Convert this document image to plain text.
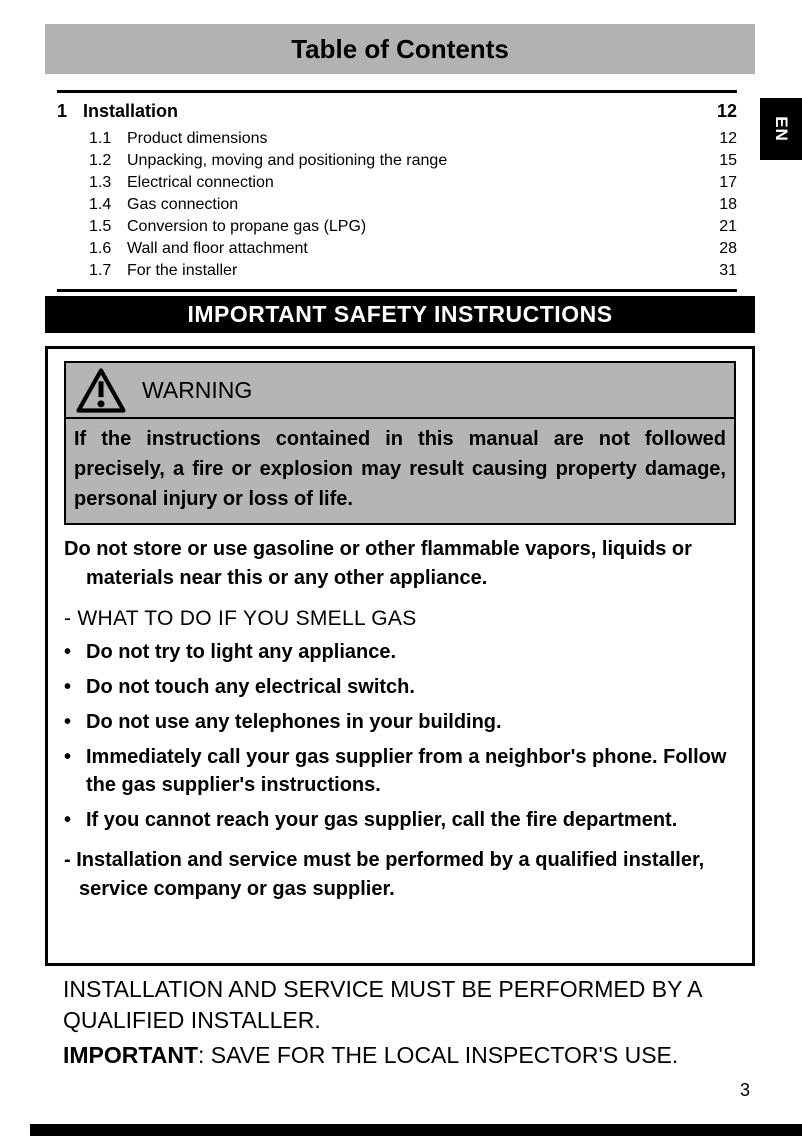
Table of Contents
1 Installation	12
1.1 Product dimensions	12
1.2 Unpacking, moving and positioning the range	15
1.3 Electrical connection	17
1.4 Gas connection	18
1.5 Conversion to propane gas (LPG)	21
1.6 Wall and floor attachment	28
1.7 For the installer	31
EN
IMPORTANT SAFETY INSTRUCTIONS
WARNING
If the instructions contained in this manual are not followed precisely, a fire or explosion may result causing property damage, personal injury or loss of life.
Do not store or use gasoline or other flammable vapors, liquids or materials near this or any other appliance.
- WHAT TO DO IF YOU SMELL GAS
• Do not try to light any appliance.
• Do not touch any electrical switch.
• Do not use any telephones in your building.
• Immediately call your gas supplier from a neighbor's phone. Follow the gas supplier's instructions.
• If you cannot reach your gas supplier, call the fire department.
- Installation and service must be performed by a qualified installer, service company or gas supplier.
INSTALLATION AND SERVICE MUST BE PERFORMED BY A QUALIFIED INSTALLER.
IMPORTANT: SAVE FOR THE LOCAL INSPECTOR'S USE.
3
